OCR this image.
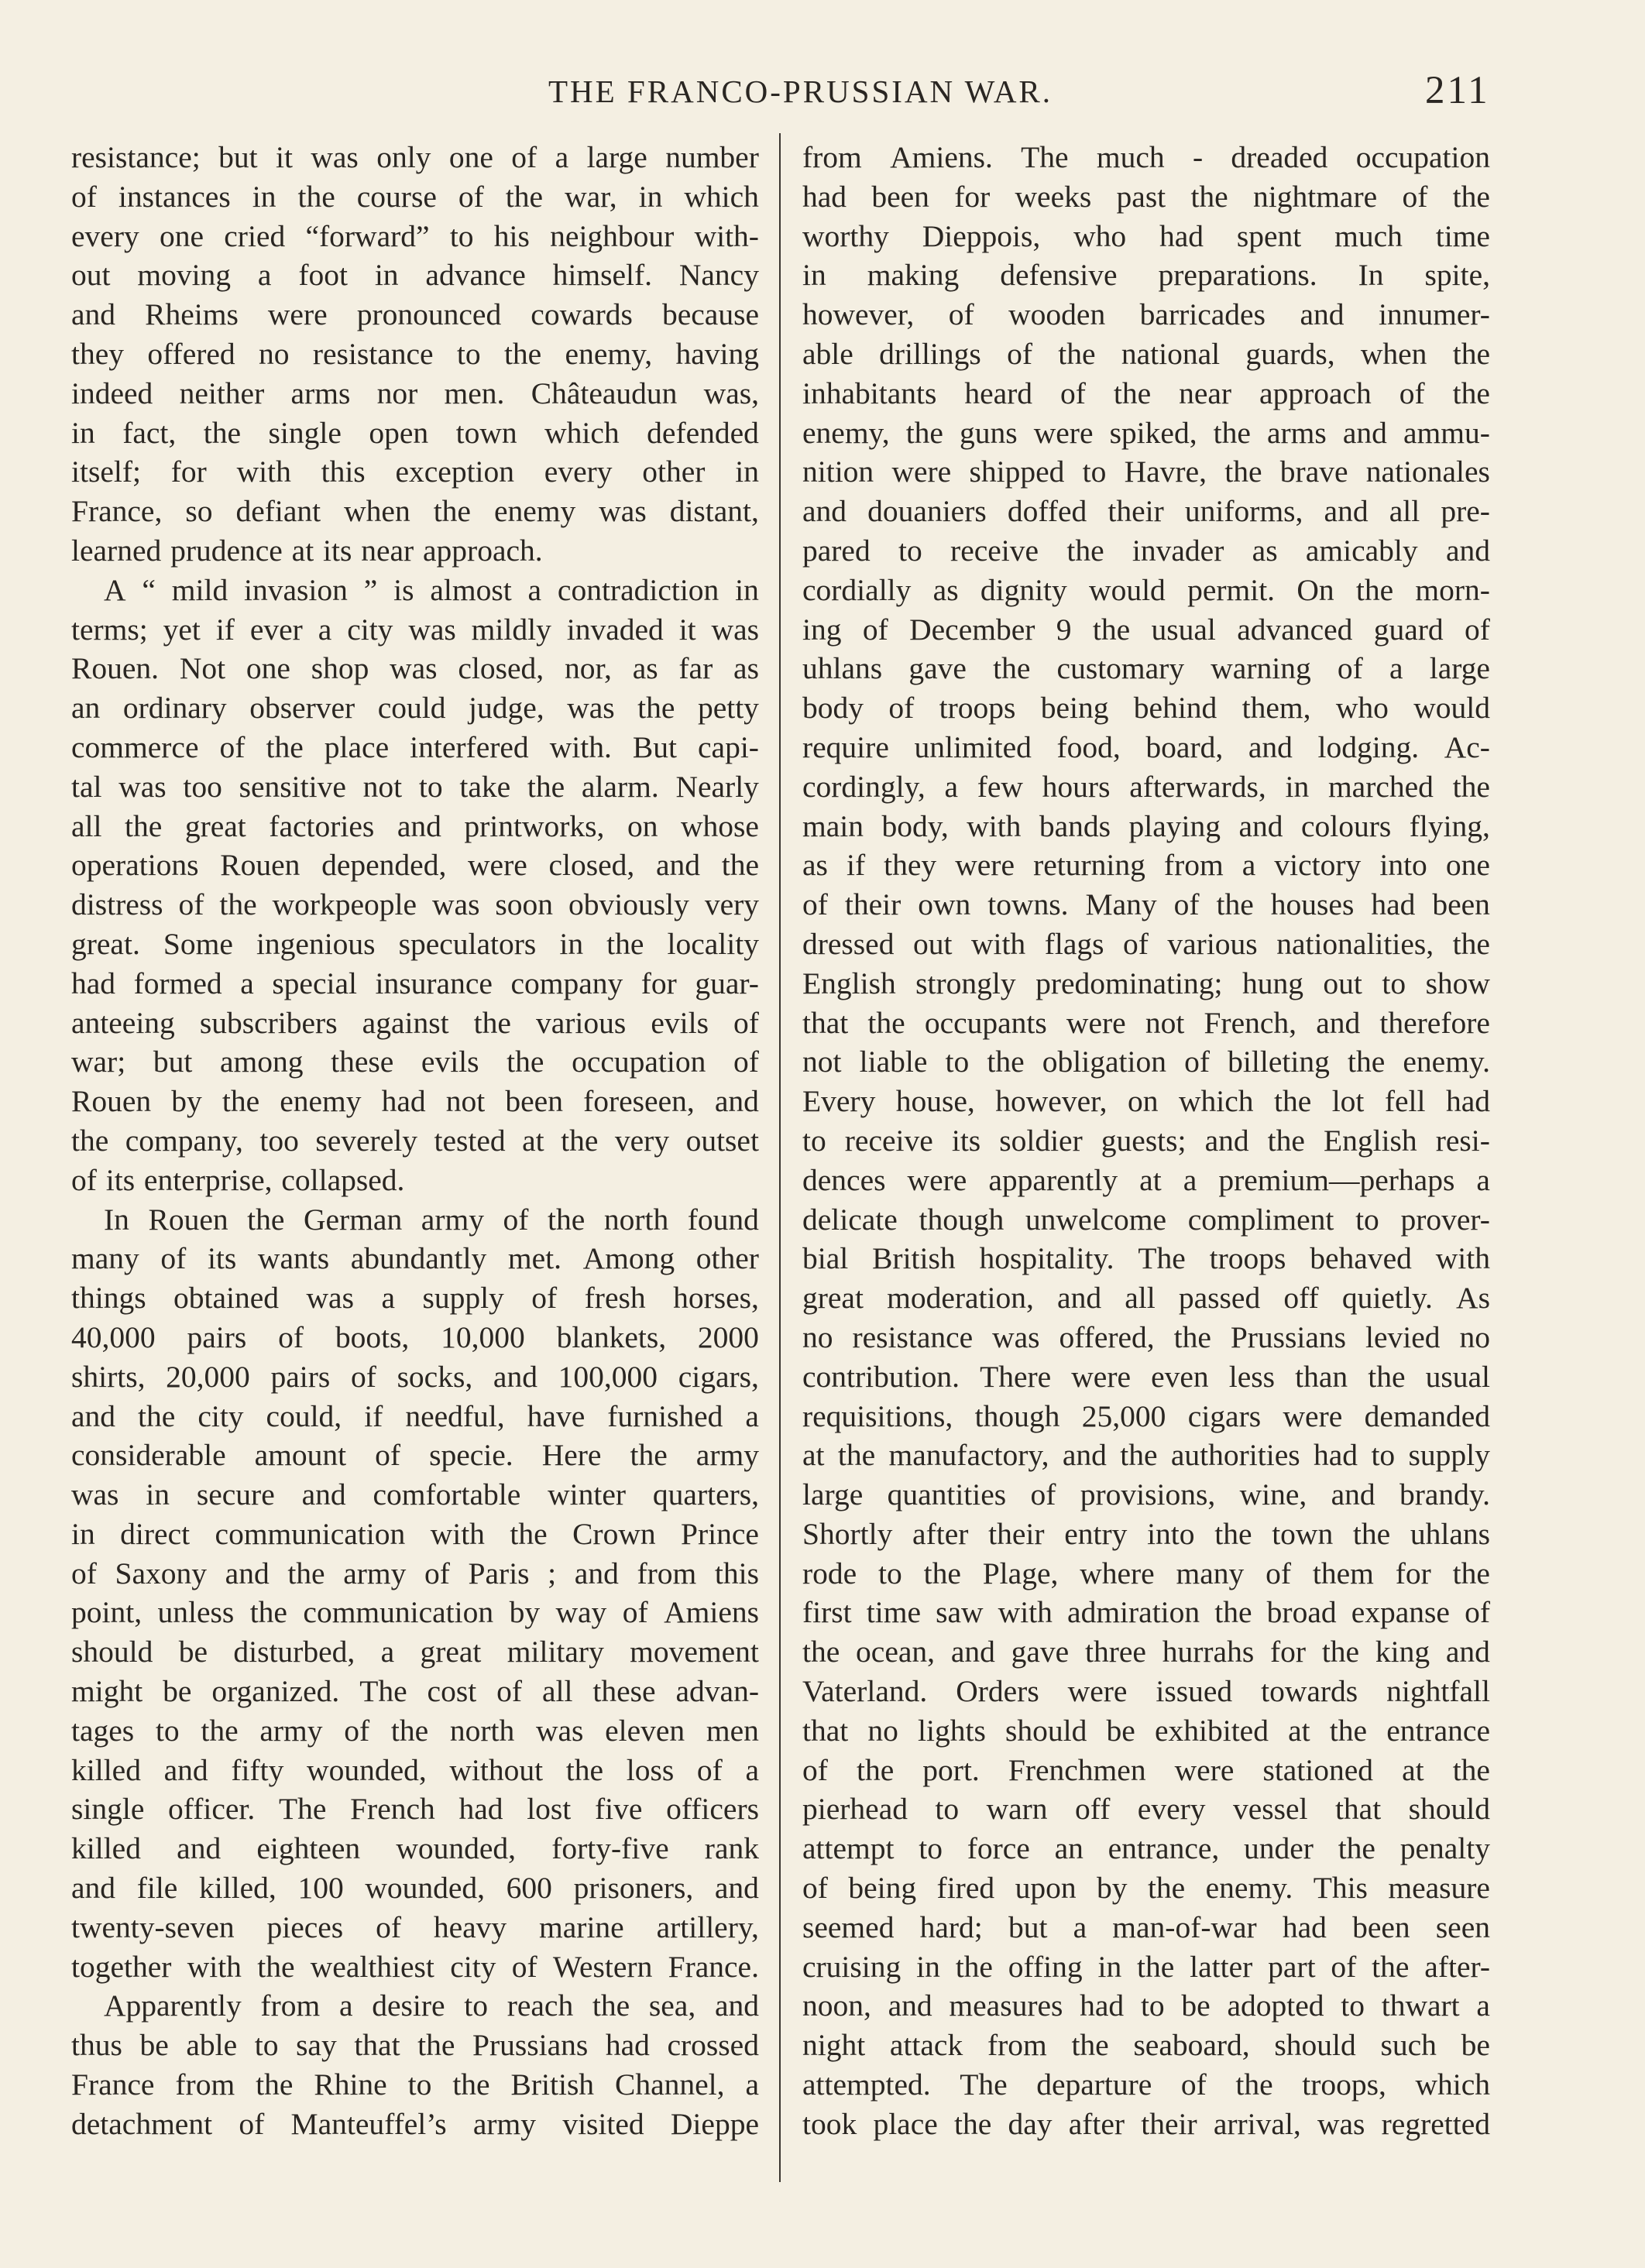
THE FRANCO-PRUSSIAN WAR.	211
resistance; but it was only one of a large number
of instances in the course of the war, in which
every one cried “forward” to his neighbour with-
out moving a foot in advance himself. Nancy
and Rheims were pronounced cowards because
they offered no resistance to the enemy, having
indeed neither arms nor men. Châteaudun was,
in fact, the single open town which defended
itself; for with this exception every other in
France, so defiant when the enemy was distant,
learned prudence at its near approach.
A “ mild invasion ” is almost a contradiction in
terms; yet if ever a city was mildly invaded it was
Rouen. Not one shop was closed, nor, as far as
an ordinary observer could judge, was the petty
commerce of the place interfered with. But capi-
tal was too sensitive not to take the alarm. Nearly
all the great factories and printworks, on whose
operations Rouen depended, were closed, and the
distress of the workpeople was soon obviously very
great. Some ingenious speculators in the locality
had formed a special insurance company for guar-
anteeing subscribers against the various evils of
war; but among these evils the occupation of
Rouen by the enemy had not been foreseen, and
the company, too severely tested at the very outset
of its enterprise, collapsed.
In Rouen the German army of the north found
many of its wants abundantly met. Among other
things obtained was a supply of fresh horses,
40,000 pairs of boots, 10,000 blankets, 2000
shirts, 20,000 pairs of socks, and 100,000 cigars,
and the city could, if needful, have furnished a
considerable amount of specie. Here the army
was in secure and comfortable winter quarters,
in direct communication with the Crown Prince
of Saxony and the army of Paris ; and from this
point, unless the communication by way of Amiens
should be disturbed, a great military movement
might be organized. The cost of all these advan-
tages to the army of the north was eleven men
killed and fifty wounded, without the loss of a
single officer. The French had lost five officers
killed and eighteen wounded, forty-five rank
and file killed, 100 wounded, 600 prisoners, and
twenty-seven pieces of heavy marine artillery,
together with the wealthiest city of Western France.
Apparently from a desire to reach the sea, and
thus be able to say that the Prussians had crossed
France from the Rhine to the British Channel, a
detachment of Manteuffel’s army visited Dieppe
from Amiens. The much - dreaded occupation
had been for weeks past the nightmare of the
worthy Dieppois, who had spent much time
in making defensive preparations. In spite,
however, of wooden barricades and innumer-
able drillings of the national guards, when the
inhabitants heard of the near approach of the
enemy, the guns were spiked, the arms and ammu-
nition were shipped to Havre, the brave nationales
and douaniers doffed their uniforms, and all pre-
pared to receive the invader as amicably and
cordially as dignity would permit. On the morn-
ing of December 9 the usual advanced guard of
uhlans gave the customary warning of a large
body of troops being behind them, who would
require unlimited food, board, and lodging. Ac-
cordingly, a few hours afterwards, in marched the
main body, with bands playing and colours flying,
as if they were returning from a victory into one
of their own towns. Many of the houses had been
dressed out with flags of various nationalities, the
English strongly predominating; hung out to show
that the occupants were not French, and therefore
not liable to the obligation of billeting the enemy.
Every house, however, on which the lot fell had
to receive its soldier guests; and the English resi-
dences were apparently at a premium—perhaps a
delicate though unwelcome compliment to prover-
bial British hospitality. The troops behaved with
great moderation, and all passed off quietly. As
no resistance was offered, the Prussians levied no
contribution. There were even less than the usual
requisitions, though 25,000 cigars were demanded
at the manufactory, and the authorities had to supply
large quantities of provisions, wine, and brandy.
Shortly after their entry into the town the uhlans
rode to the Plage, where many of them for the
first time saw with admiration the broad expanse of
the ocean, and gave three hurrahs for the king and
Vaterland. Orders were issued towards nightfall
that no lights should be exhibited at the entrance
of the port. Frenchmen were stationed at the
pierhead to warn off every vessel that should
attempt to force an entrance, under the penalty
of being fired upon by the enemy. This measure
seemed hard; but a man-of-war had been seen
cruising in the offing in the latter part of the after-
noon, and measures had to be adopted to thwart a
night attack from the seaboard, should such be
attempted. The departure of the troops, which
took place the day after their arrival, was regretted
